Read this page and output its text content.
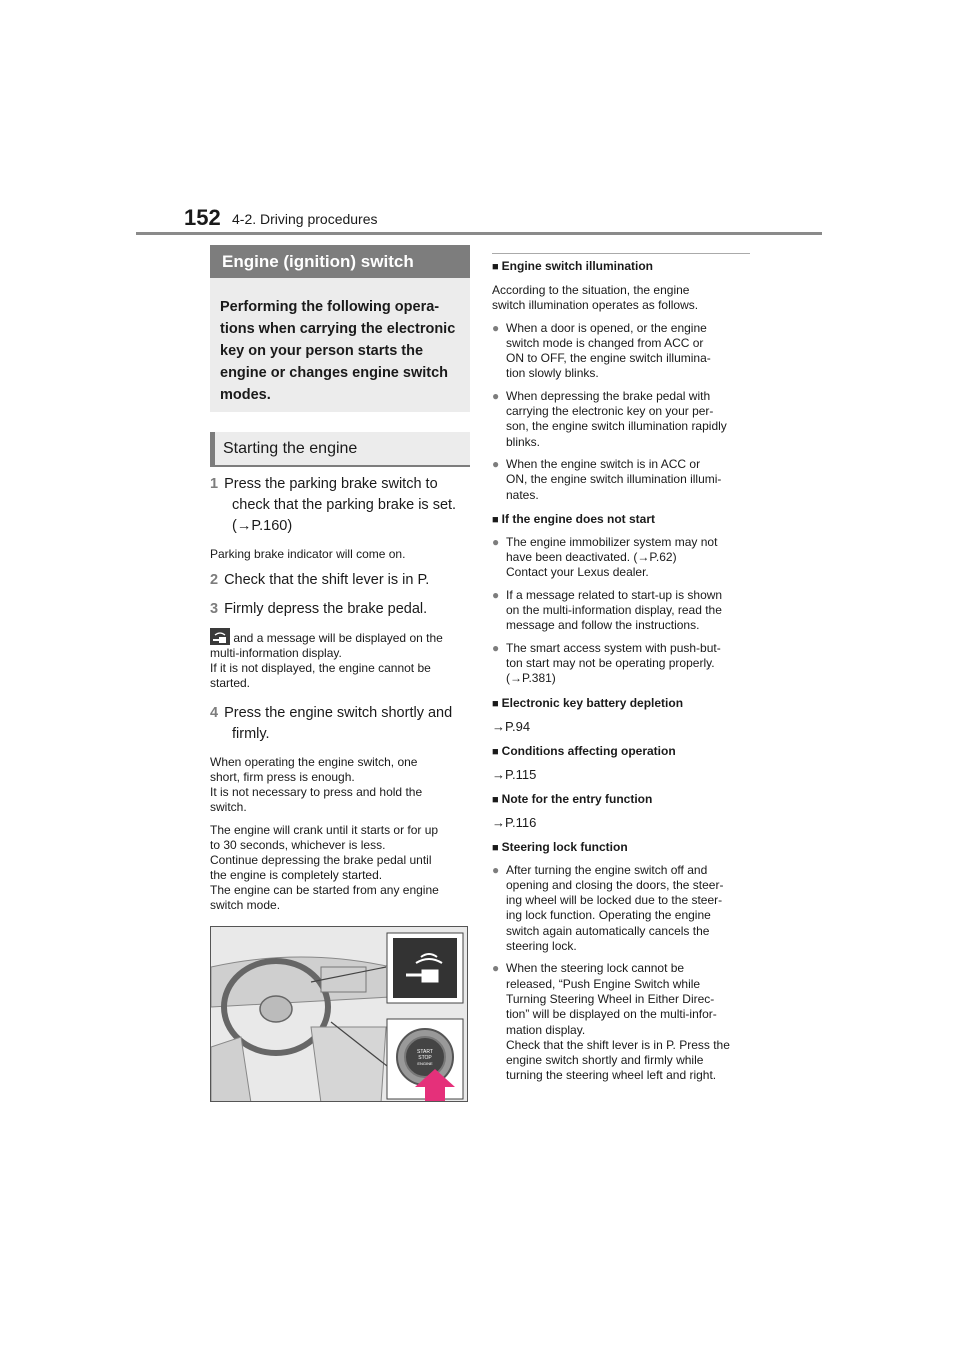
152 4-2. Driving procedures
Engine (ignition) switch
Performing the following opera-
tions when carrying the electronic
key on your person starts the
engine or changes engine switch
modes.
Starting the engine
1 Press the parking brake switch to
check that the parking brake is set.
(→P.160)
Parking brake indicator will come on.
2 Check that the shift lever is in P.
3 Firmly depress the brake pedal.
and a message will be displayed on the
multi-information display.
If it is not displayed, the engine cannot be
started.
4 Press the engine switch shortly and
firmly.
When operating the engine switch, one
short, firm press is enough.
It is not necessary to press and hold the
switch.
The engine will crank until it starts or for up
to 30 seconds, whichever is less.
Continue depressing the brake pedal until
the engine is completely started.
The engine can be started from any engine
switch mode.
START
STOP
ENGINE
■ Engine switch illumination
According to the situation, the engine
switch illumination operates as follows.
● When a door is opened, or the engine
switch mode is changed from ACC or
ON to OFF, the engine switch illumina-
tion slowly blinks.
● When depressing the brake pedal with
carrying the electronic key on your per-
son, the engine switch illumination rapidly
blinks.
● When the engine switch is in ACC or
ON, the engine switch illumination illumi-
nates.
■ If the engine does not start
● The engine immobilizer system may not
have been deactivated. (→P.62)
Contact your Lexus dealer.
● If a message related to start-up is shown
on the multi-information display, read the
message and follow the instructions.
● The smart access system with push-but-
ton start may not be operating properly.
(→P.381)
■ Electronic key battery depletion
→P.94
■ Conditions affecting operation
→P.115
■ Note for the entry function
→P.116
■ Steering lock function
● After turning the engine switch off and
opening and closing the doors, the steer-
ing wheel will be locked due to the steer-
ing lock function. Operating the engine
switch again automatically cancels the
steering lock.
● When the steering lock cannot be
released, “Push Engine Switch while
Turning Steering Wheel in Either Direc-
tion” will be displayed on the multi-infor-
mation display.
Check that the shift lever is in P. Press the
engine switch shortly and firmly while
turning the steering wheel left and right.
